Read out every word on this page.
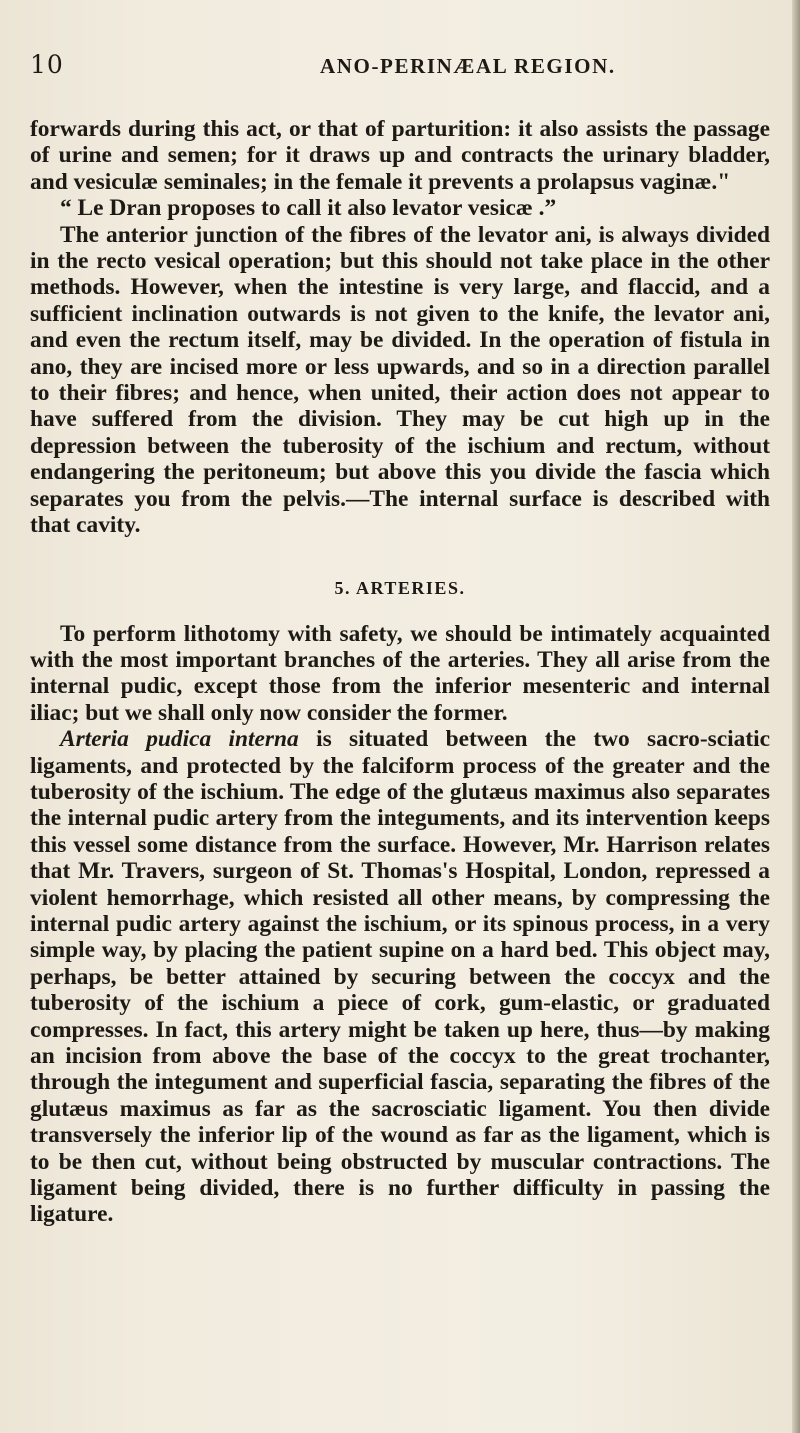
10	ANO-PERINÆAL REGION.

forwards during this act, or that of parturition: it also assists the passage of urine and semen; for it draws up and contracts the urinary bladder, and vesiculæ seminales; in the female it prevents a prolapsus vaginæ."

“ Le Dran proposes to call it also levator vesicæ .”

The anterior junction of the fibres of the levator ani, is always divided in the recto vesical operation; but this should not take place in the other methods. However, when the intestine is very large, and flaccid, and a sufficient inclination outwards is not given to the knife, the levator ani, and even the rectum itself, may be divided. In the operation of fistula in ano, they are incised more or less upwards, and so in a direction parallel to their fibres; and hence, when united, their action does not appear to have suffered from the division. They may be cut high up in the depression between the tuberosity of the ischium and rectum, without endangering the peritoneum; but above this you divide the fascia which separates you from the pelvis.—The internal surface is described with that cavity.

5. ARTERIES.

To perform lithotomy with safety, we should be intimately acquainted with the most important branches of the arteries. They all arise from the internal pudic, except those from the inferior mesenteric and internal iliac; but we shall only now consider the former.

Arteria pudica interna is situated between the two sacro-sciatic ligaments, and protected by the falciform process of the greater and the tuberosity of the ischium. The edge of the glutæus maximus also separates the internal pudic artery from the integuments, and its intervention keeps this vessel some distance from the surface. However, Mr. Harrison relates that Mr. Travers, surgeon of St. Thomas's Hospital, London, repressed a violent hemorrhage, which resisted all other means, by compressing the internal pudic artery against the ischium, or its spinous process, in a very simple way, by placing the patient supine on a hard bed. This object may, perhaps, be better attained by securing between the coccyx and the tuberosity of the ischium a piece of cork, gum-elastic, or graduated compresses. In fact, this artery might be taken up here, thus—by making an incision from above the base of the coccyx to the great trochanter, through the integument and superficial fascia, separating the fibres of the glutæus maximus as far as the sacrosciatic ligament. You then divide transversely the inferior lip of the wound as far as the ligament, which is to be then cut, without being obstructed by muscular contractions. The ligament being divided, there is no further difficulty in passing the ligature.
